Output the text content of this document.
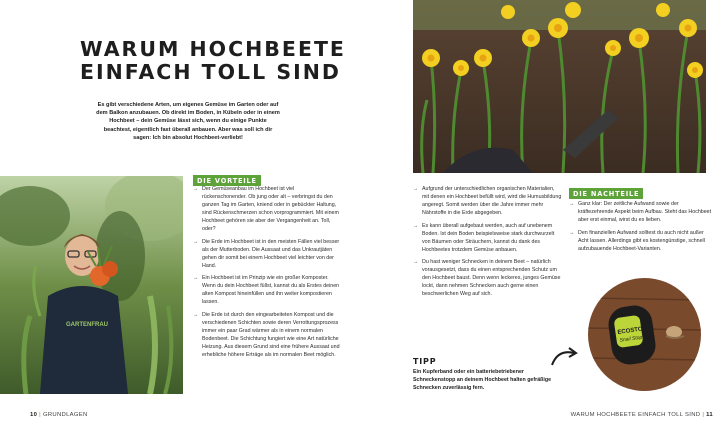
WARUM HOCHBEETE
EINFACH TOLL SIND

Es gibt verschiedene Arten, um eigenes Gemüse im Garten oder auf dem Balkon anzubauen. Ob direkt im Boden, in Kübeln oder in einem Hochbeet – dein Gemüse lässt sich, wenn du einige Punkte beachtest, eigentlich fast überall anbauen. Aber was soll ich dir sagen: Ich bin absolut Hochbeet-verliebt!

GARTENFRAU
DIE VORTEILE
→ Der Gemüseanbau im Hochbeet ist viel rückenschonender. Ob jung oder alt – verbringst du den ganzen Tag im Garten, kniend oder in gebückter Haltung, sind Rückenschmerzen schon vorprogrammiert. Mit einem Hochbeet gehören sie aber der Vergangenheit an. Toll, oder?
→ Die Erde im Hochbeet ist in den meisten Fällen viel besser als der Mutterboden. Die Aussaat und das Unkrautjäten gehen dir somit bei einem Hochbeet viel leichter von der Hand.
→ Ein Hochbeet ist im Prinzip wie ein großer Komposter. Wenn du dein Hochbeet füllst, kannst du als Erstes deinen alten Kompost hineinfüllen und ihn weiter kompostieren lassen.
→ Die Erde ist durch den eingearbeiteten Kompost und die verschiedenen Schichten sowie deren Verrottungsprozess immer ein paar Grad wärmer als in einem normalen Bodenbeet. Die Schichtung fungiert wie eine Art natürliche Heizung. Aus diesem Grund sind eine frühere Aussaat und erhebliche höhere Erträge als im normalen Beet möglich.
10 | GRUNDLAGEN
→ Aufgrund der unterschiedlichen organischen Materialien, mit denen ein Hochbeet befüllt wird, wird die Humusbildung angeregt. Somit werden über die Jahre immer mehr Nährstoffe in die Erde abgegeben.
→ Es kann überall aufgebaut werden, auch auf unebenem Boden. Ist dein Boden beispielsweise stark durchwurzelt von Bäumen oder Sträuchern, kannst du dank des Hochbeetes trotzdem Gemüse anbauen.
→ Du hast weniger Schnecken in deinem Beet – natürlich vorausgesetzt, dass du einen entsprechenden Schutz um den Hochbeet baust. Denn wenn leckeres, junges Gemüse lockt, dann nehmen Schnecken auch gerne einen beschwerlichen Weg auf sich.
DIE NACHTEILE
→ Ganz klar: Der zeitliche Aufwand sowie der kräftezehrende Aspekt beim Aufbau. Steht das Hochbeet aber erst einmal, wirst du es lieben.
→ Den finanziellen Aufwand solltest du auch nicht außer Acht lassen. Allerdings gibt es kostengünstige, schnell aufzubauende Hochbeet-Varianten.
TIPP
Ein Kupferband oder ein batteriebetriebener Schneckenstopp an deinem Hochbeet halten gefräßige Schnecken zuverlässig fern.
ECOSTOP
Snail Stop
WARUM HOCHBEETE EINFACH TOLL SIND | 11
